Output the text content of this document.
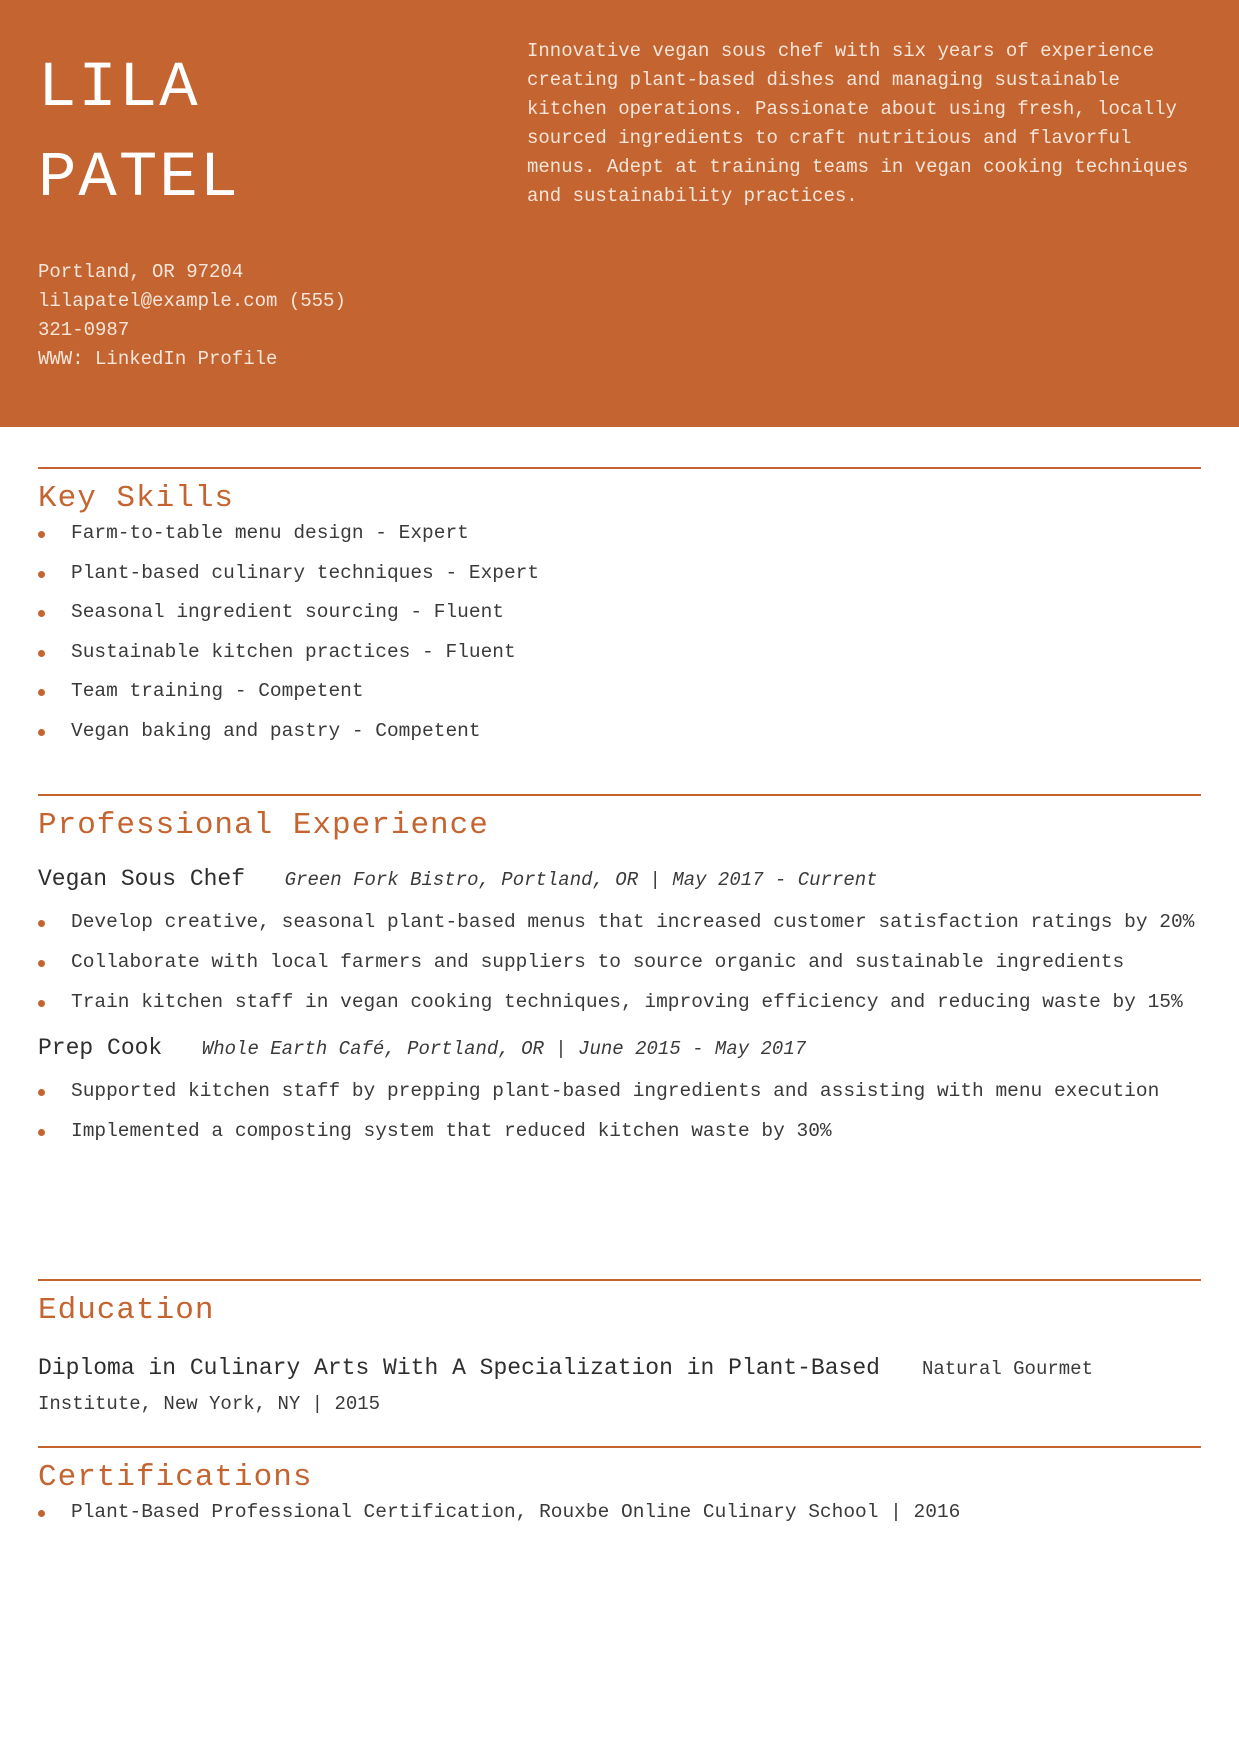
LILA
PATEL
Portland, OR 97204
lilapatel@example.com (555)
321-0987
WWW: LinkedIn Profile

Innovative vegan sous chef with six years of experience creating plant-based dishes and managing sustainable kitchen operations. Passionate about using fresh, locally sourced ingredients to craft nutritious and flavorful menus. Adept at training teams in vegan cooking techniques and sustainability practices.

Key Skills
Farm-to-table menu design - Expert
Plant-based culinary techniques - Expert
Seasonal ingredient sourcing - Fluent
Sustainable kitchen practices - Fluent
Team training - Competent
Vegan baking and pastry - Competent
Professional Experience
Vegan Sous Chef Green Fork Bistro, Portland, OR | May 2017 - Current
Develop creative, seasonal plant-based menus that increased customer satisfaction ratings by 20%
Collaborate with local farmers and suppliers to source organic and sustainable ingredients
Train kitchen staff in vegan cooking techniques, improving efficiency and reducing waste by 15%
Prep Cook Whole Earth Café, Portland, OR | June 2015 - May 2017
Supported kitchen staff by prepping plant-based ingredients and assisting with menu execution
Implemented a composting system that reduced kitchen waste by 30%
Education
Diploma in Culinary Arts With A Specialization in Plant-Based Natural Gourmet Institute, New York, NY | 2015
Certifications
Plant-Based Professional Certification, Rouxbe Online Culinary School | 2016
